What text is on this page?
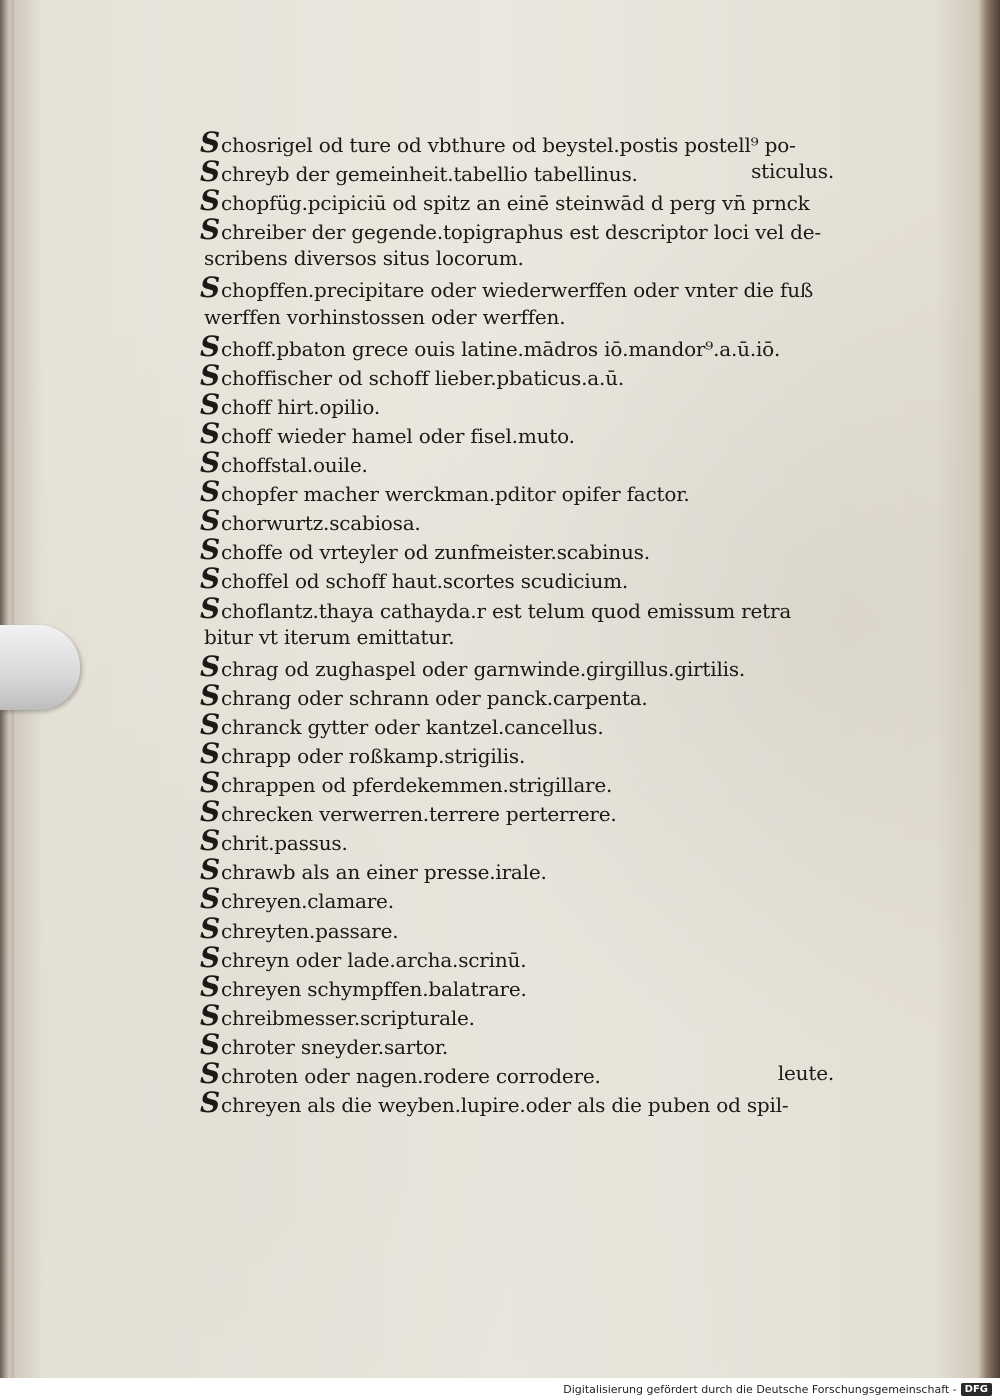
Schosrigel od ture od vbthure od beystel.postis postell⁹ po-
Schreyb der gemeinheit.tabellio tabellinus.	sticulus.
Schopfüg.pcipiciū od spitz an einē steinwād d perg vn̄ prnck
Schreiber der gegende.topigraphus est descriptor loci vel de-
scribens diversos situs locorum.
Schopffen.precipitare oder wiederwerffen oder vnter die fuß
werffen vorhinstossen oder werffen.
Schoff.pbaton grece ouis latine.mādros iō.mandor⁹.a.ū.iō.
Schoffischer od schoff lieber.pbaticus.a.ū.
Schoff hirt.opilio.
Schoff wieder hamel oder fisel.muto.
Schoffstal.ouile.
Schopfer macher werckman.pditor opifer factor.
Schorwurtz.scabiosa.
Schoffe od vrteyler od zunfmeister.scabinus.
Schoffel od schoff haut.scortes scudicium.
Schoflantz.thaya cathayda.r est telum quod emissum retra
bitur vt iterum emittatur.
Schrag od zughaspel oder garnwinde.girgillus.girtilis.
Schrang oder schrann oder panck.carpenta.
Schranck gytter oder kantzel.cancellus.
Schrapp oder roßkamp.strigilis.
Schrappen od pferdekemmen.strigillare.
Schrecken verwerren.terrere perterrere.
Schrit.passus.
Schrawb als an einer presse.irale.
Schreyen.clamare.
Schreyten.passare.
Schreyn oder lade.archa.scrinū.
Schreyen schympffen.balatrare.
Schreibmesser.scripturale.
Schroter sneyder.sartor.
Schroten oder nagen.rodere corrodere.	leute.
Schreyen als die weyben.lupire.oder als die puben od spil-
Digitalisierung gefördert durch die Deutsche Forschungsgemeinschaft - DFG
